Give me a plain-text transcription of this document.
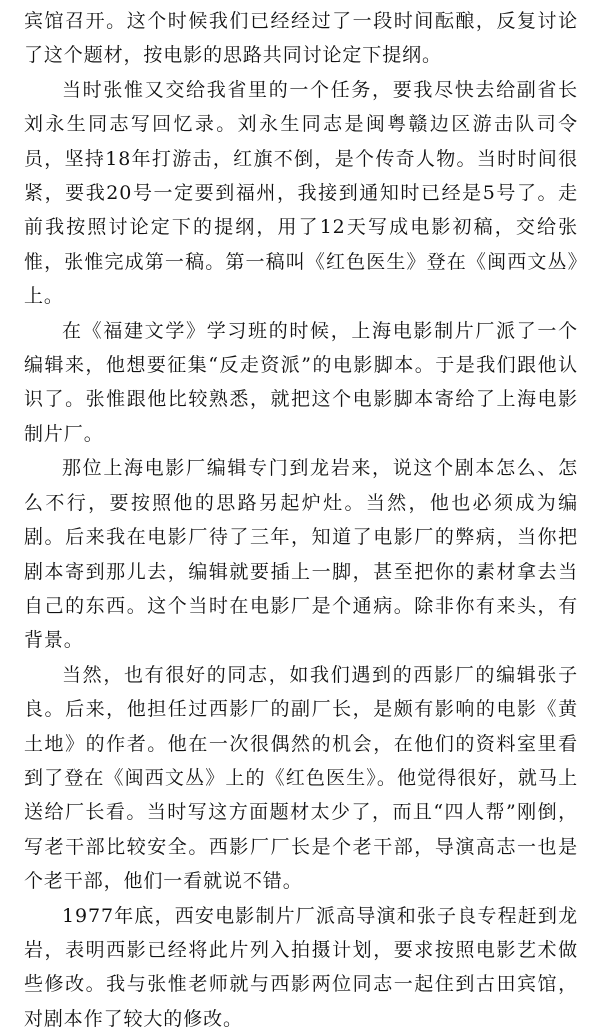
宾馆召开。这个时候我们已经经过了一段时间酝酿，反复讨论了这个题材，按电影的思路共同讨论定下提纲。

当时张惟又交给我省里的一个任务，要我尽快去给副省长刘永生同志写回忆录。刘永生同志是闽粤赣边区游击队司令员，坚持18年打游击，红旗不倒，是个传奇人物。当时时间很紧，要我20号一定要到福州，我接到通知时已经是5号了。走前我按照讨论定下的提纲，用了12天写成电影初稿，交给张惟，张惟完成第一稿。第一稿叫《红色医生》登在《闽西文丛》上。

在《福建文学》学习班的时候，上海电影制片厂派了一个编辑来，他想要征集“反走资派”的电影脚本。于是我们跟他认识了。张惟跟他比较熟悉，就把这个电影脚本寄给了上海电影制片厂。

那位上海电影厂编辑专门到龙岩来，说这个剧本怎么、怎么不行，要按照他的思路另起炉灶。当然，他也必须成为编剧。后来我在电影厂待了三年，知道了电影厂的弊病，当你把剧本寄到那儿去，编辑就要插上一脚，甚至把你的素材拿去当自己的东西。这个当时在电影厂是个通病。除非你有来头，有背景。

当然，也有很好的同志，如我们遇到的西影厂的编辑张子良。后来，他担任过西影厂的副厂长，是颇有影响的电影《黄土地》的作者。他在一次很偶然的机会，在他们的资料室里看到了登在《闽西文丛》上的《红色医生》。他觉得很好，就马上送给厂长看。当时写这方面题材太少了，而且“四人帮”刚倒，写老干部比较安全。西影厂厂长是个老干部，导演高志一也是个老干部，他们一看就说不错。

1977年底，西安电影制片厂派高导演和张子良专程赶到龙岩，表明西影已经将此片列入拍摄计划，要求按照电影艺术做些修改。我与张惟老师就与西影两位同志一起住到古田宾馆，对剧本作了较大的修改。
